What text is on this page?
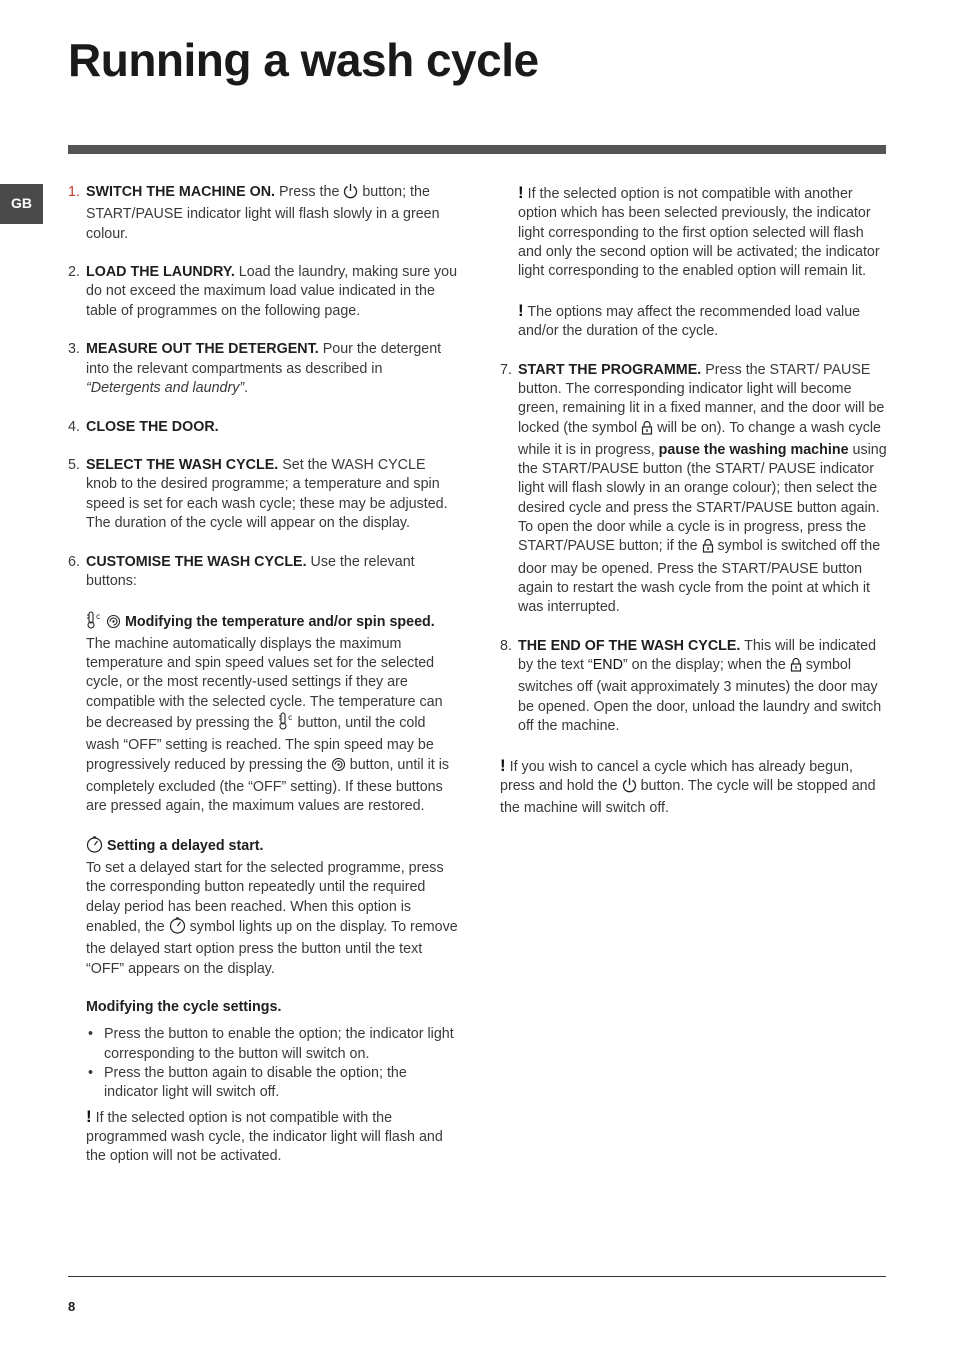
Running a wash cycle
GB
1. SWITCH THE MACHINE ON. Press the  button; the START/PAUSE indicator light will flash slowly in a green colour.

2. LOAD THE LAUNDRY. Load the laundry, making sure you do not exceed the maximum load value indicated in the table of programmes on the following page.

3. MEASURE OUT THE DETERGENT. Pour the detergent into the relevant compartments as described in “Detergents and laundry”.

4. CLOSE THE DOOR.

5. SELECT THE WASH CYCLE. Set the WASH CYCLE knob to the desired programme; a temperature and spin speed is set for each wash cycle; these may be adjusted. The duration of the cycle will appear on the display.

6. CUSTOMISE THE WASH CYCLE. Use the relevant buttons:

c Modifying the temperature and/or spin speed. The machine automatically displays the maximum temperature and spin speed values set for the selected cycle, or the most recently-used settings if they are compatible with the selected cycle. The temperature can be decreased by pressing the c button, until the cold wash “OFF” setting is reached. The spin speed may be progressively reduced by pressing the  button, until it is completely excluded (the “OFF” setting). If these buttons are pressed again, the maximum values are restored.

Setting a delayed start.

To set a delayed start for the selected programme, press the corresponding button repeatedly until the required delay period has been reached. When this option is enabled, the  symbol lights up on the display. To remove the delayed start option press the button until the text “OFF” appears on the display.

Modifying the cycle settings.

• Press the button to enable the option; the indicator light corresponding to the button will switch on.
• Press the button again to disable the option; the indicator light will switch off.

! If the selected option is not compatible with the programmed wash cycle, the indicator light will flash and the option will not be activated.

! If the selected option is not compatible with another option which has been selected previously, the indicator light corresponding to the first option selected will flash and only the second option will be activated; the indicator light corresponding to the enabled option will remain lit.

! The options may affect the recommended load value and/or the duration of the cycle.

7. START THE PROGRAMME. Press the START/ PAUSE button. The corresponding indicator light will become green, remaining lit in a fixed manner, and the door will be locked (the symbol  will be on). To change a wash cycle while it is in progress, pause the washing machine using the START/PAUSE button (the START/ PAUSE indicator light will flash slowly in an orange colour); then select the desired cycle and press the START/PAUSE button again.

To open the door while a cycle is in progress, press the START/PAUSE button; if the  symbol is switched off the door may be opened. Press the START/PAUSE button again to restart the wash cycle from the point at which it was interrupted.

8. THE END OF THE WASH CYCLE. This will be indicated by the text “END” on the display; when the  symbol switches off (wait approximately 3 minutes) the door may be opened. Open the door, unload the laundry and switch off the machine.

! If you wish to cancel a cycle which has already begun, press and hold the  button. The cycle will be stopped and the machine will switch off.

8
